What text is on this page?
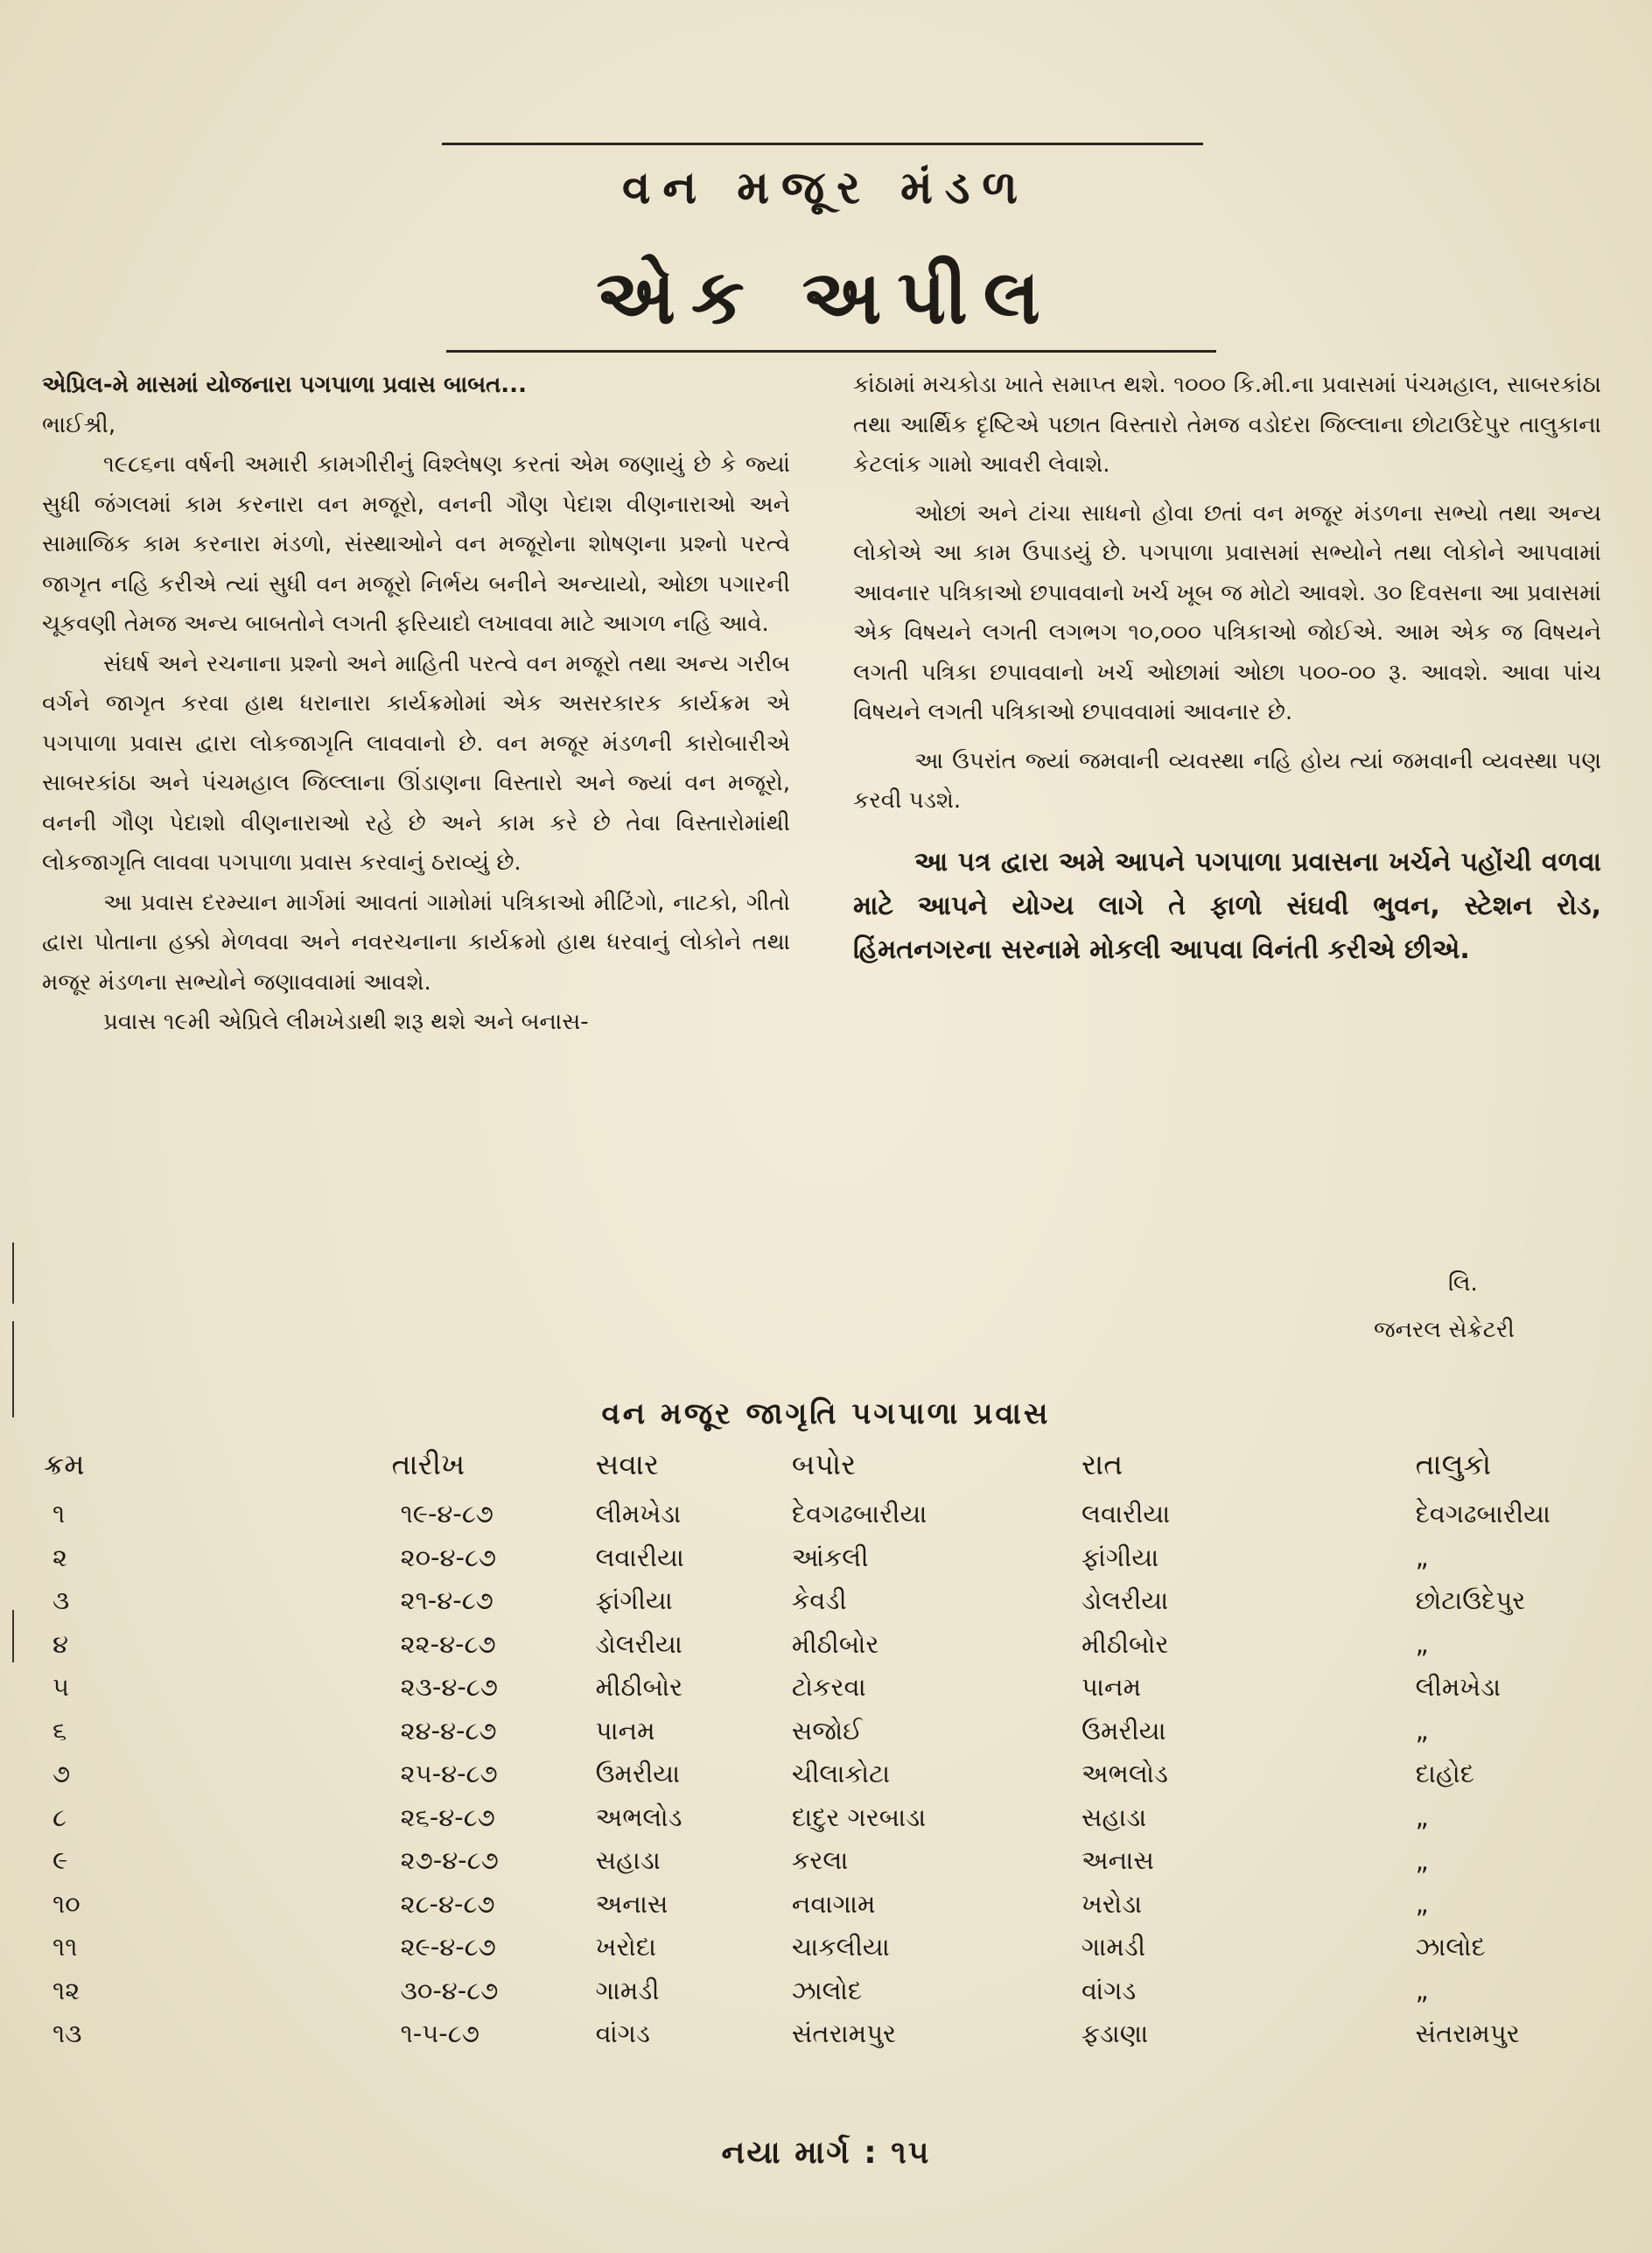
વન મજૂર મંડળ
એક અપીલ

એપ્રિલ-મે માસમાં યોજનારા પગપાળા પ્રવાસ બાબત...

ભાઈશ્રી,

૧૯૮૬ના વર્ષની અમારી કામગીરીનું વિશ્લેષણ કરતાં એમ જણાયું છે કે જ્યાં સુધી જંગલમાં કામ કરનારા વન મજૂરો, વનની ગૌણ પેદાશ વીણનારાઓ અને સામાજિક કામ કરનારા મંડળો, સંસ્થાઓને વન મજૂરોના શોષણના પ્રશ્નો પરત્વે જાગૃત નહિ કરીએ ત્યાં સુધી વન મજૂરો નિર્ભય બનીને અન્યાયો, ઓછા પગારની ચૂકવણી તેમજ અન્ય બાબતોને લગતી ફરિયાદો લખાવવા માટે આગળ નહિ આવે.

સંઘર્ષ અને રચનાના પ્રશ્નો અને માહિતી પરત્વે વન મજૂરો તથા અન્ય ગરીબ વર્ગને જાગૃત કરવા હાથ ધરાનારા કાર્યક્રમોમાં એક અસરકારક કાર્યક્રમ એ પગપાળા પ્રવાસ દ્વારા લોકજાગૃતિ લાવવાનો છે. વન મજૂર મંડળની કારોબારીએ સાબરકાંઠા અને પંચમહાલ જિલ્લાના ઊંડાણના વિસ્તારો અને જ્યાં વન મજૂરો, વનની ગૌણ પેદાશો વીણનારાઓ રહે છે અને કામ કરે છે તેવા વિસ્તારોમાંથી લોકજાગૃતિ લાવવા પગપાળા પ્રવાસ કરવાનું ઠરાવ્યું છે.

આ પ્રવાસ દરમ્યાન માર્ગમાં આવતાં ગામોમાં પત્રિકાઓ મીટિંગો, નાટકો, ગીતો દ્વારા પોતાના હક્કો મેળવવા અને નવરચનાના કાર્યક્રમો હાથ ધરવાનું લોકોને તથા મજૂર મંડળના સભ્યોને જણાવવામાં આવશે.

પ્રવાસ ૧૯મી એપ્રિલે લીમખેડાથી શરૂ થશે અને બનાસ-

કાંઠામાં મચકોડા ખાતે સમાપ્ત થશે. ૧૦૦૦ કિ.મી.ના પ્રવાસમાં પંચમહાલ, સાબરકાંઠા તથા આર્થિક દૃષ્ટિએ પછાત વિસ્તારો તેમજ વડોદરા જિલ્લાના છોટાઉદેપુર તાલુકાના કેટલાંક ગામો આવરી લેવાશે.

ઓછાં અને ટાંચા સાધનો હોવા છતાં વન મજૂર મંડળના સભ્યો તથા અન્ય લોકોએ આ કામ ઉપાડયું છે. પગપાળા પ્રવાસમાં સભ્યોને તથા લોકોને આપવામાં આવનાર પત્રિકાઓ છપાવવાનો ખર્ચ ખૂબ જ મોટો આવશે. ૩૦ દિવસના આ પ્રવાસમાં એક વિષયને લગતી લગભગ ૧૦,૦૦૦ પત્રિકાઓ જોઈએ. આમ એક જ વિષયને લગતી પત્રિકા છપાવવાનો ખર્ચ ઓછામાં ઓછા ૫૦૦-૦૦ રૂ. આવશે. આવા પાંચ વિષયને લગતી પત્રિકાઓ છપાવવામાં આવનાર છે.

આ ઉપરાંત જ્યાં જમવાની વ્યવસ્થા નહિ હોય ત્યાં જમવાની વ્યવસ્થા પણ કરવી પડશે.

આ પત્ર દ્વારા અમે આપને પગપાળા પ્રવાસના ખર્ચને પહોંચી વળવા માટે આપને યોગ્ય લાગે તે ફાળો સંઘવી ભુવન, સ્ટેશન રોડ, હિંમતનગરના સરનામે મોકલી આપવા વિનંતી કરીએ છીએ.

લિ.
જનરલ સેક્રેટરી
વન મજૂર જાગૃતિ પગપાળા પ્રવાસ
ક્રમ	તારીખ	સવાર	બપોર	રાત	તાલુકો
૧	૧૯-૪-૮૭	લીમખેડા	દેવગઢબારીયા	લવારીયા	દેવગઢબારીયા
૨	૨૦-૪-૮૭	લવારીયા	આંકલી	ફાંગીયા	„
૩	૨૧-૪-૮૭	ફાંગીયા	કેવડી	ડોલરીયા	છોટાઉદેપુર
૪	૨૨-૪-૮૭	ડોલરીયા	મીઠીબોર	મીઠીબોર	„
૫	૨૩-૪-૮૭	મીઠીબોર	ટોકરવા	પાનમ	લીમખેડા
૬	૨૪-૪-૮૭	પાનમ	સજોઈ	ઉમરીયા	„
૭	૨૫-૪-૮૭	ઉમરીયા	ચીલાકોટા	અભલોડ	દાહોદ
૮	૨૬-૪-૮૭	અભલોડ	દાદુર ગરબાડા	સહાડા	„
૯	૨૭-૪-૮૭	સહાડા	કરલા	અનાસ	„
૧૦	૨૮-૪-૮૭	અનાસ	નવાગામ	ખરોડા	„
૧૧	૨૯-૪-૮૭	ખરોદા	ચાકલીયા	ગામડી	ઝાલોદ
૧૨	૩૦-૪-૮૭	ગામડી	ઝાલોદ	વાંગડ	„
૧૩	૧-૫-૮૭	વાંગડ	સંતરામપુર	ફડાણા	સંતરામપુર
નયા માર્ગ : ૧૫
